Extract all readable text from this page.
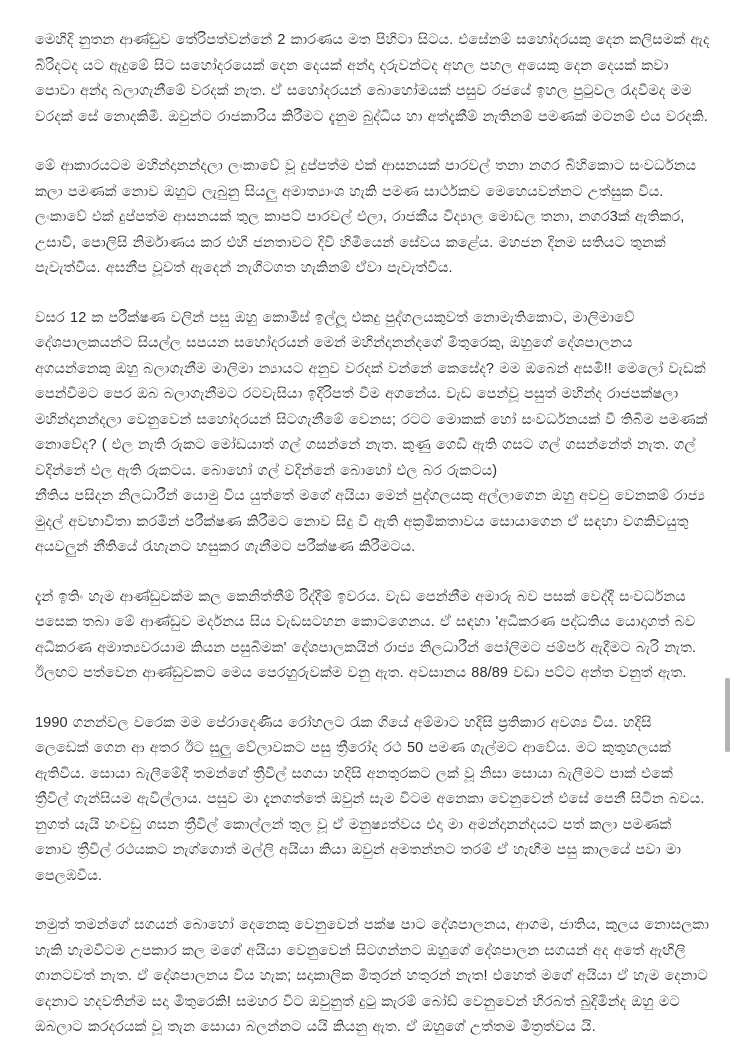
මෙහිදි නුතන ආණ්ඩුව තේරිපත්වන්නේ 2 කාරණය මත පිහිටා සිටය. එසේනම් සහෝදරයකු දෙන කලිසමක් ඇද බිරිදටද යට ඇදුමේ සිට සහෝදරයෙක් දෙන දෙයක් අන්දා දරුවන්ටද අහල පහල අයෙකු දෙන දෙයක් කවා පොවා අන්දා බලාගැනීමේ වරදක් නැත. ඒ සහෝදරයන් බොහෝමයක් පසුව රජයේ ඉහල පුටුවල රැදවීමද මම වරදක් සේ නොදකිමී. ඔවුන්ට රාජකාරිය කිරීමට දැනුම බුද්ධිය හා අත්දැකීම් නැතිනම් පමණක් මටනම් එය වරදකි.

මේ ආකාරයටම මහින්දානන්දලා ලංකාවේ වූ දුප්පත්ම එක් ආසනයක් පාරවල් තනා නගර බිහිකොට සංවර්ධනය කලා පමණක් නොව ඔහුට ලැබුනු සියලු අමාත්‍යාංශ හැකි පමණ සාර්ථකව මෙහෙයවන්නට උත්සුක විය.

ලංකාවේ එක් දුප්පත්ම ආසනයක් තුල කාපට් පාරවල් එලා, රාජකීය විද්‍යාල මොඩල තනා, නගර3ක් ඇතිකර, උසාවි, පොලිසි නිර්මාණය කර එහි ජනතාවට දිවි හිමියෙන් සේවය කළේය. මහජන දිනම සතියට තුනක් පැවැත්වීය. අසනීප වූවත් ඇදෙන් නැගිටගත හැකිනම් ඒවා පැවැත්වීය.

වසර 12 ක පරීක්ෂණ වලින් පසු ඔහු කොමිස් ඉල්ලූ එකදු පුද්ගලයකුවත් නොමැතිකොට, මාලිමාවේ දේශපාලකයන්ට සියල්ල සපයන සහෝදරයන් මෙන් මහින්දානන්දගේ මිතුරෙකු, ඔහුගේ දේශපාලනය අගයන්නෙකු ඔහු බලාගැනීම මාලිමා න්‍යායට අනුව වරදක් වන්නේ කෙසේද? මම ඔබෙන් අසමි!! මෙලෝ වැඩක් පෙන්වීමට පෙර ඔබ බලාගැනීමට රටවැසියා ඉදිරිපත් වීම අගනේය. වැඩ පෙන්වූ පසුත් මහින්ද රාජපක්ෂලා මහින්දානන්දලා වෙනුවෙන් සහෝදරයන් සිටගැනීමේ වෙනස; රටට මොකක් හෝ සංවර්ධනයක් වී තිබීම පමණක් නොවේද? ( එල නැති රුකට මෝඩයාත් ගල් ගසන්නේ නැත. කුණු ගෙඩි ඇති ගසට ගල් ගසන්නේත් නැත. ගල් වදින්නේ එල ඇති රුකටය. බොහෝ ගල් වදින්නේ බොහෝ එල බර රුකටය)

නීතිය පසිදන නිලධාරීන් යොමු විය යුත්තේ මගේ අයියා මෙන් පුද්ගලයකු අල්ලාගෙන ඔහු අවචු වෙනකම් රාජ්‍ය මුදල් අවභාවිතා කරමින් පරීක්ෂණ කිරීමට නොව සිදු වී ඇති අක්‍රමිකතාවය සොයාගෙන ඒ සඳහා වගකිවයුතු අයවලුන් නීතියේ රැහැනට හසුකර ගැනීමට පරීක්ෂණ කිරීමටය.

දැන් ඉතිං හැම ආණ්ඩුවක්ම කල කෙනිත්තීම් රිද්දීම් ඉවරය. වැඩ පෙන්නීම අමාරු බව පසක් වෙද්දී සංවර්ධනය පසෙක තබා මේ ආණ්ඩුව මර්දනය සිය වැඩසටහන කොටගෙනය. ඒ සඳහා 'අධිකරණ පද්ධතිය යොදාගත් බව අධිකරණ අමාත්‍යවරයාම කියන පසුබිමක' දේශපාලකයින් රාජ්‍ය නිලධාරීන් පෝලිමට ජම්පර් ඇදීමට බැරි නැත. ඊලඟට පත්වෙන ආණ්ඩුවකට මෙය පෙරහුරුවක්ම වනු ඇත. අවසානය 88/89 වඩා පට්ට අන්ත වනුත් ඇත.

1990 ගනන්වල වරෙක මම පේරාදෙණිය රෝහලට රැක ගියේ අම්මාට හදිසි ප්‍රතිකාර අවශ්‍ය විය. හදිසි ලෙඩෙක් ගෙන ආ අතර ඊට සුලු වේලාවකට පසු ත්‍රීරෝද රථ 50 පමණ ගැල්මට ආවේය. මට කුතුහලයක් ඇතිවිය. සොයා බැලීමේදී තමන්ගේ ත්‍රීවිල් සගයා හදිසි අනතුරකට ලක් වූ නිසා සොයා බැලීමට පාක් එකේ ත්‍රීවිල් ගැන්සියම ඇවිල්ලාය. පසුව මා දැනගත්තේ ඔවුන් සැම විටම අනෙකා වෙනුවෙන් එසේ පෙනී සිටින බවය. නුගත් යැයි හංවඩු ගසන ත්‍රීවිල් කොල්ලන් තුල වූ ඒ මනුෂ්‍යත්වය එදා මා අමන්දානන්දයට පත් කලා පමණක් නොව ත්‍රීවිල් රථයකට නැග්ගොත් මල්ලි අයියා කියා ඔවුන් අමතන්නට තරම් ඒ හැඟීම පසු කාලයේ පවා මා පෙලඹවීය.

නමුත් තමන්ගේ සගයන් බොහෝ දෙනෙකු වෙනුවෙන් පක්ෂ පාට දේශපාලනය, ආගම, ජාතිය, කුලය නොසලකා හැකි හැමවිටම උපකාර කල මගේ අයියා වෙනුවෙන් සිටගන්නට ඔහුගේ දේශපාලන සගයන් අද අතේ ඇඟිලි ගානටවත් නැත. ඒ දේශපාලනය විය හැක; සදාකාලික මිතුරන් හතුරන් නැත! එහෙත් මගේ අයියා ඒ හැම දෙනාට දෙනාට හදවතින්ම සදා මිතුරෙකි! සමහර විට ඔවුනුත් දුටු කැරම් බෝඩ් වෙනුවෙන් හිරබත් බුදිමින්ද ඔහු මට ඔබලාට කරදරයක් වූ තැන සොයා බලන්නට යයි කියනු ඇත. ඒ ඔහුගේ උත්තම මිත්‍රත්වය යි.
